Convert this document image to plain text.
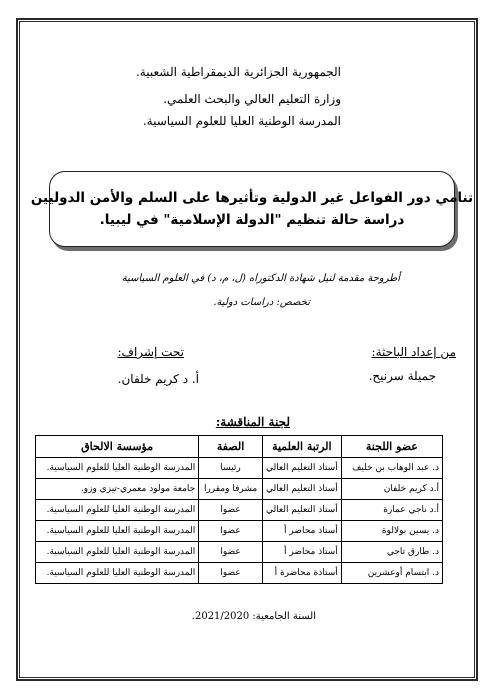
الجمهورية الجزائرية الديمقراطية الشعبية.
وزارة التعليم العالي والبحث العلمي.
المدرسة الوطنية العليا للعلوم السياسية.
تنامي دور الفواعل غير الدولية وتأثيرها على السلم والأمن الدوليين
دراسة حالة تنظيم "الدولة الإسلامية" في ليبيا.
أطروحة مقدمة لنيل شهادة الدكتوراه (ل، م، د) في العلوم السياسية
تخصص: دراسات دولية.
من إعداد الباحثة:
جميلة سرنيح.
تحت إشراف:
أ. د كريم خلفان.
لجنة المناقشة:
عضو اللجنة	الرتبة العلمية	الصفة	مؤسسة الالحاق
د. عبد الوهاب بن خليف	أستاذ التعليم العالي	رئيسا	المدرسة الوطنية العليا للعلوم السياسية.
أ.د كريم خلفان	أستاذ التعليم العالي	مشرفا ومقررا	جامعة مولود معمري-تيزي وزو.
أ.د ناجي عمارة	أستاذ التعليم العالي	عضوا	المدرسة الوطنية العليا للعلوم السياسية.
د. يسين بولالوة	أستاذ محاضر أ	عضوا	المدرسة الوطنية العليا للعلوم السياسية.
د. طارق تاجي	أستاذ محاضر أ	عضوا	المدرسة الوطنية العليا للعلوم السياسية.
د. ابتسام أوعشرين	أستاذة محاضرة أ	عضوا	المدرسة الوطنية العليا للعلوم السياسية.
السنة الجامعية: 2021/2020.
